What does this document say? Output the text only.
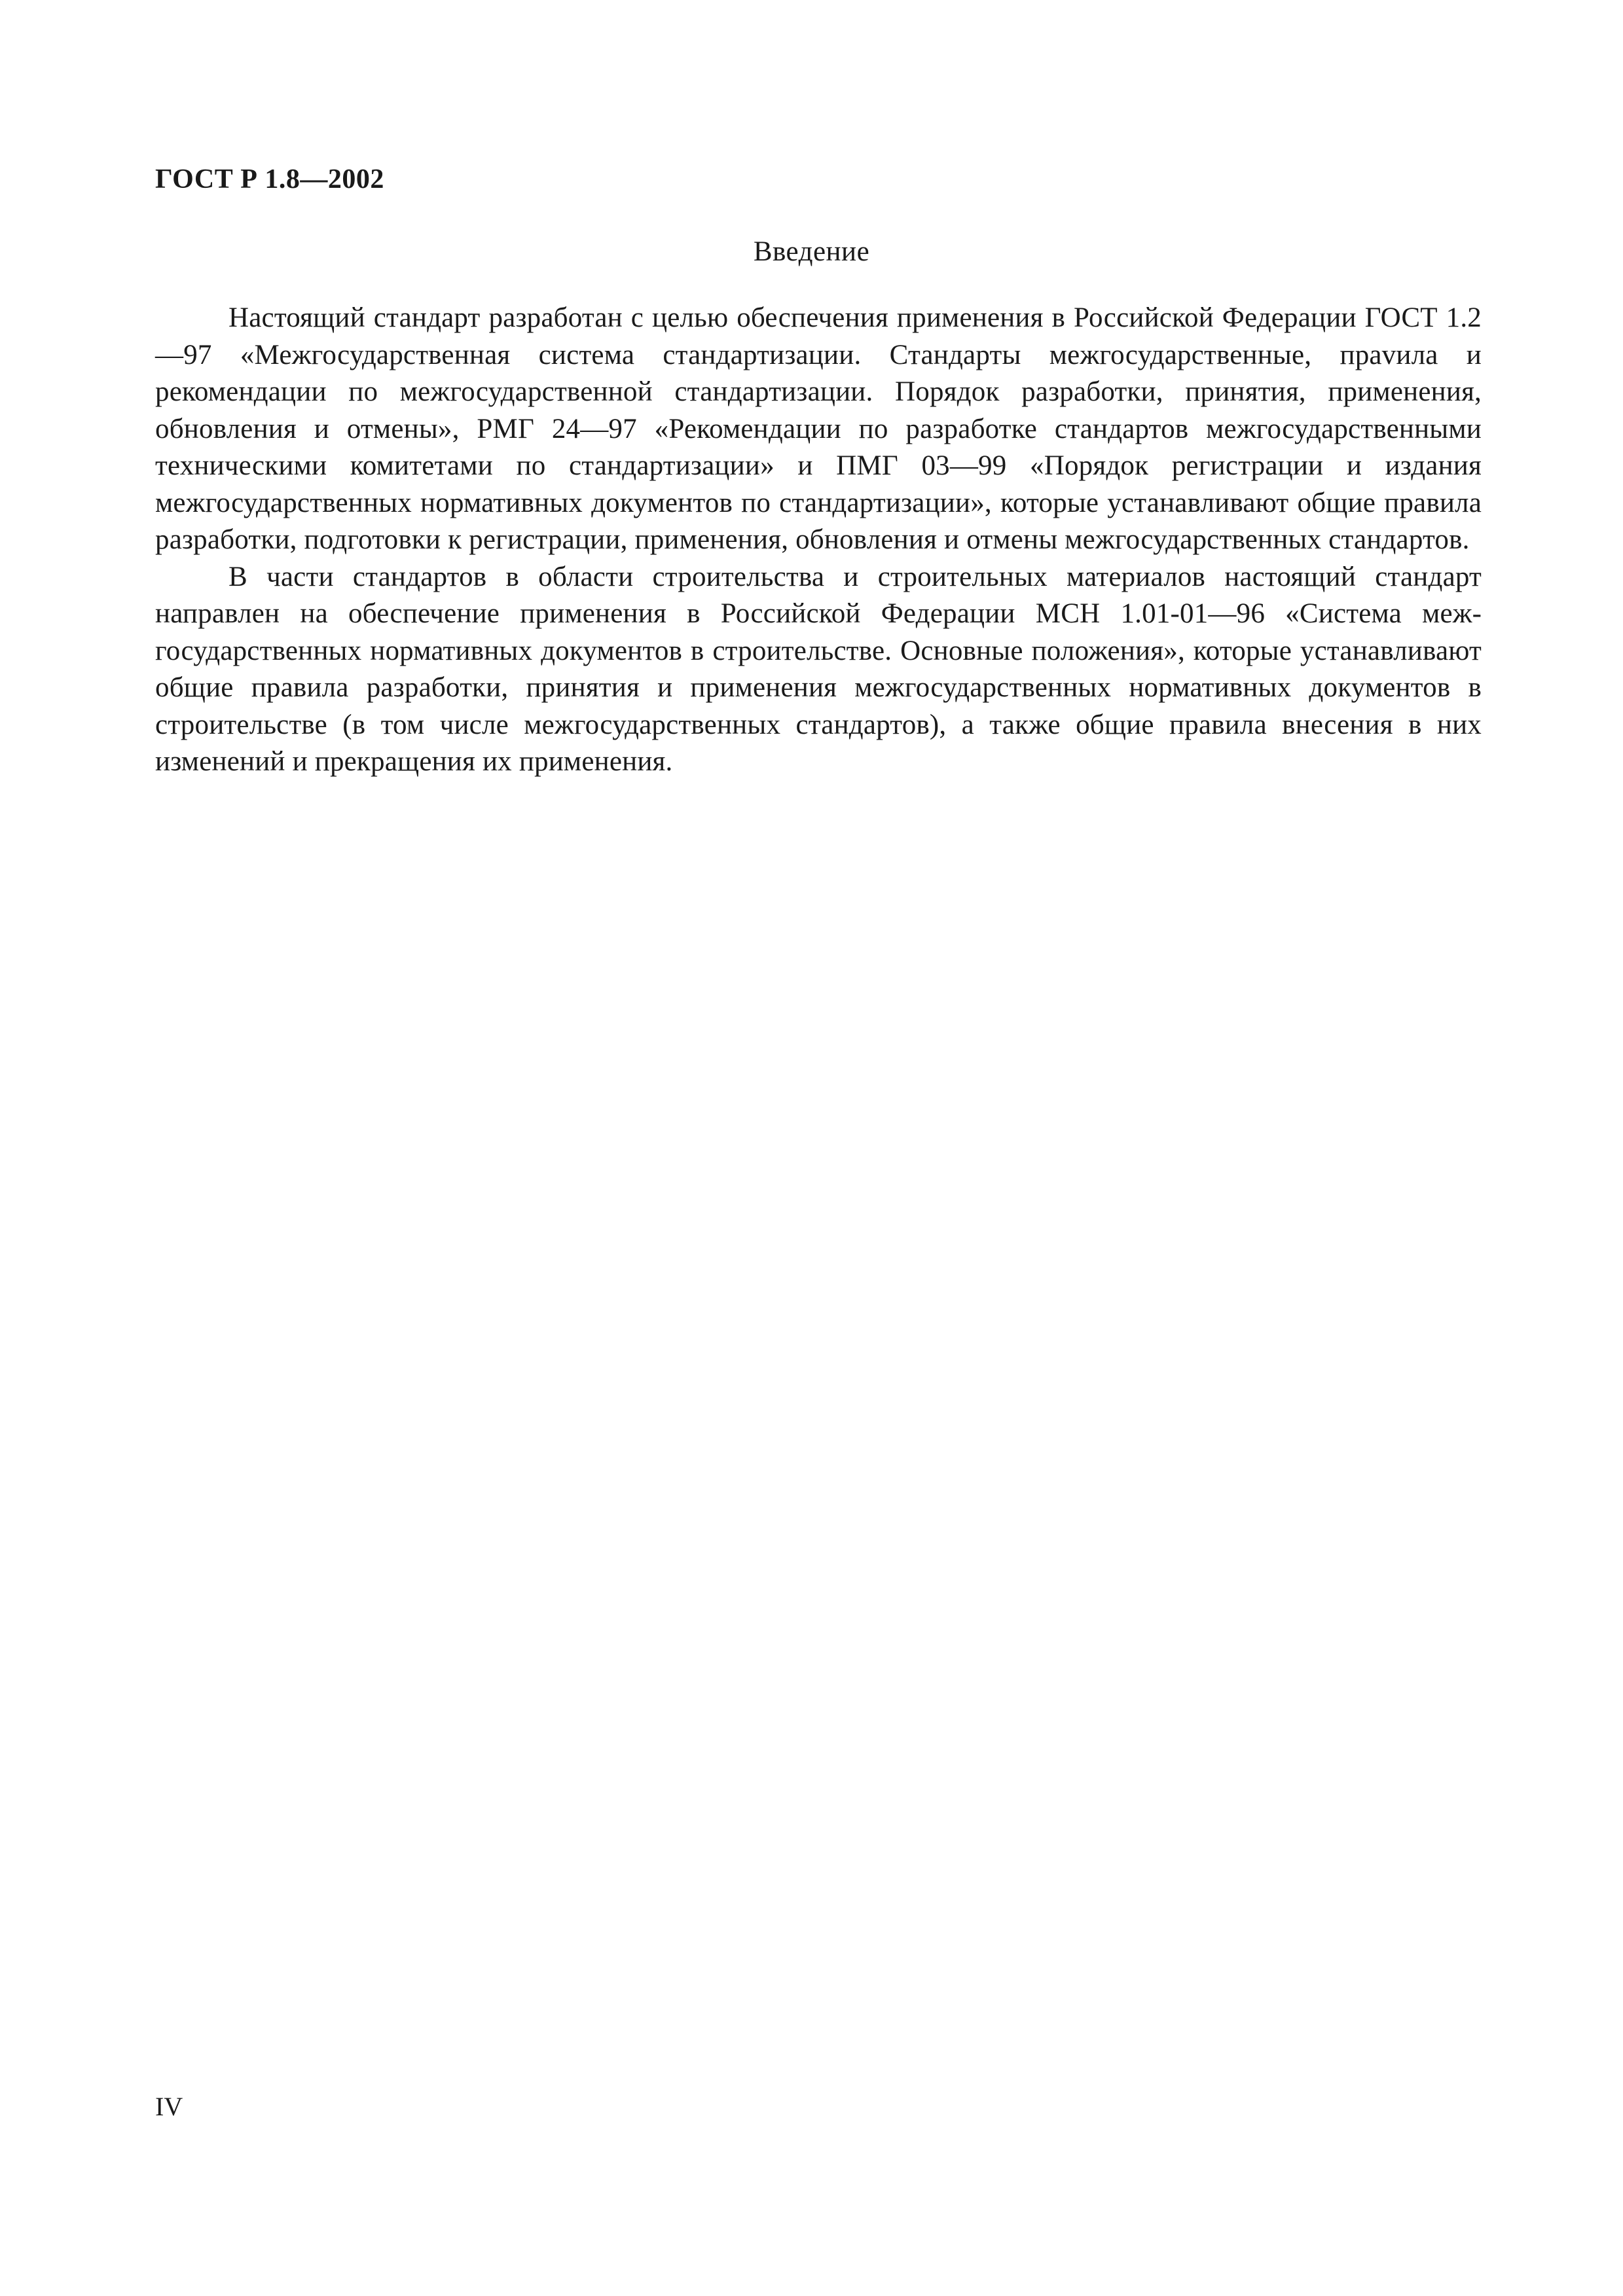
ГОСТ Р 1.8—2002
Введение

Настоящий стандарт разработан с целью обеспечения применения в Российской Федерации ГОСТ 1.2—97 «Межгосударственная система стандартизации. Стандарты межгосударственные, праvила и рекомендации по межгосударственной стандартизации. Порядок разработки, принятия, применения, обновления и отмены», РМГ 24—97 «Рекомендации по разработке стандартов межгосударственными техническими комитетами по стандартизации» и ПМГ 03—99 «Порядок регистрации и издания межгосударственных нормативных документов по стандартизации», которые устанавливают общие правила разработки, подготовки к регистрации, применения, обновления и отмены межгосударственных стандартов.

В части стандартов в области строительства и строительных материалов настоящий стандарт направлен на обеспечение применения в Российской Федерации МСН 1.01-01—96 «Система межгосударственных нормативных документов в строительстве. Основные положения», которые устанавливают общие правила разработки, принятия и применения межгосударственных нормативных документов в строительстве (в том числе межгосударственных стандартов), а также общие правила внесения в них изменений и прекращения их применения.

IV
